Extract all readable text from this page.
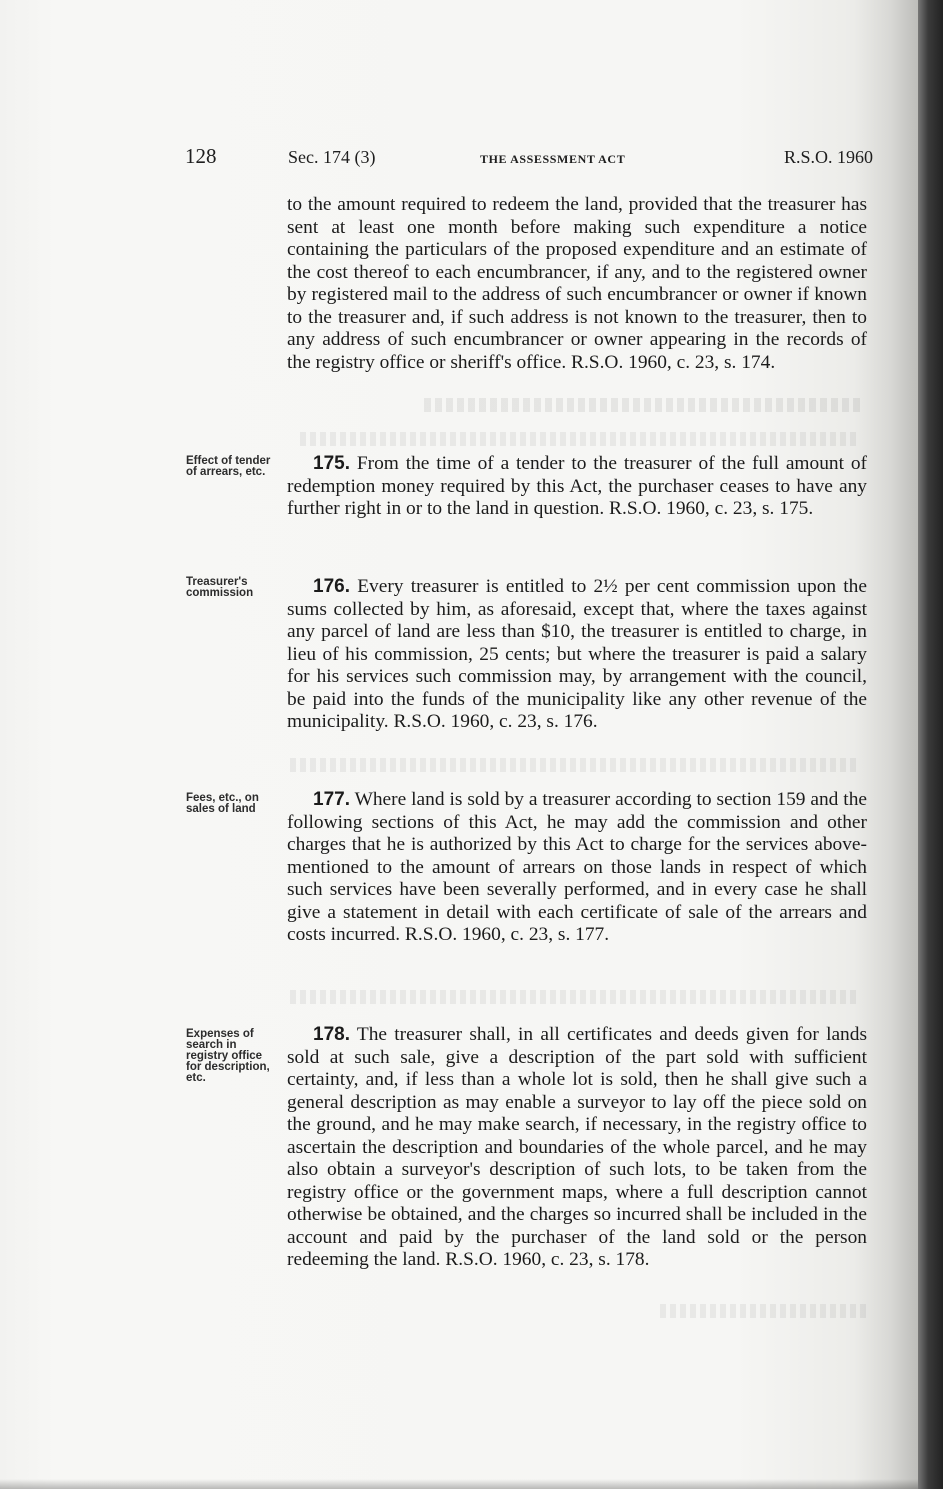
128	Sec. 174 (3)	THE ASSESSMENT ACT	R.S.O. 1960

to the amount required to redeem the land, provided that the treasurer has sent at least one month before making such expenditure a notice containing the particulars of the proposed expenditure and an estimate of the cost thereof to each encumbrancer, if any, and to the registered owner by registered mail to the address of such encumbrancer or owner if known to the treasurer and, if such address is not known to the treasurer, then to any address of such encumbrancer or owner appearing in the records of the registry office or sheriff's office. R.S.O. 1960, c. 23, s. 174.

Effect of tender of arrears, etc.	175. From the time of a tender to the treasurer of the full amount of redemption money required by this Act, the purchaser ceases to have any further right in or to the land in question. R.S.O. 1960, c. 23, s. 175.

Treasurer's commission	176. Every treasurer is entitled to 2½ per cent commission upon the sums collected by him, as aforesaid, except that, where the taxes against any parcel of land are less than $10, the treasurer is entitled to charge, in lieu of his commission, 25 cents; but where the treasurer is paid a salary for his services such commission may, by arrangement with the council, be paid into the funds of the municipality like any other revenue of the municipality. R.S.O. 1960, c. 23, s. 176.

Fees, etc., on sales of land	177. Where land is sold by a treasurer according to section 159 and the following sections of this Act, he may add the commission and other charges that he is authorized by this Act to charge for the services above-mentioned to the amount of arrears on those lands in respect of which such services have been severally performed, and in every case he shall give a statement in detail with each certificate of sale of the arrears and costs incurred. R.S.O. 1960, c. 23, s. 177.

Expenses of search in registry office for description, etc.

178. The treasurer shall, in all certificates and deeds given for lands sold at such sale, give a description of the part sold with sufficient certainty, and, if less than a whole lot is sold, then he shall give such a general description as may enable a surveyor to lay off the piece sold on the ground, and he may make search, if necessary, in the registry office to ascertain the description and boundaries of the whole parcel, and he may also obtain a surveyor's description of such lots, to be taken from the registry office or the government maps, where a full description cannot otherwise be obtained, and the charges so incurred shall be included in the account and paid by the purchaser of the land sold or the person redeeming the land. R.S.O. 1960, c. 23, s. 178.
